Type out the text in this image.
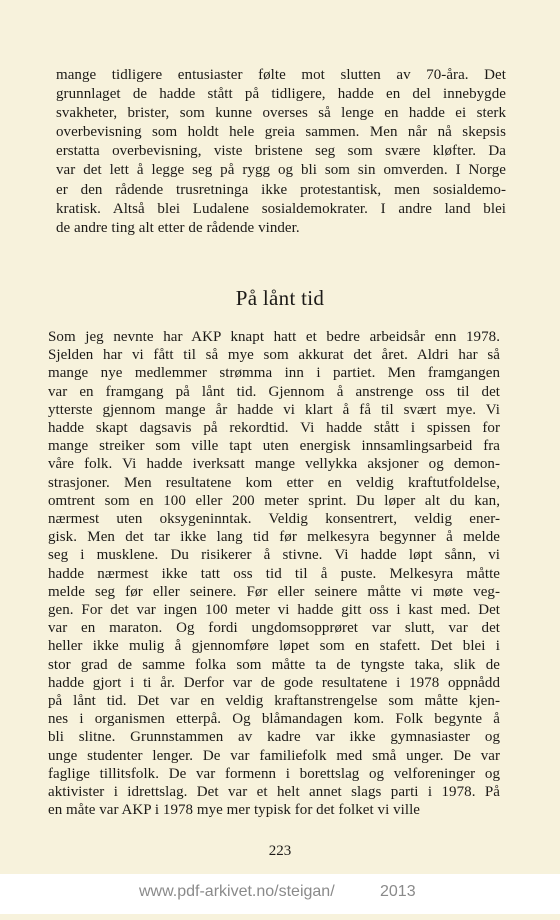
mange tidligere entusiaster følte mot slutten av 70-åra. Det
grunnlaget de hadde stått på tidligere, hadde en del innebygde
svakheter, brister, som kunne overses så lenge en hadde ei sterk
overbevisning som holdt hele greia sammen. Men når nå skepsis
erstatta overbevisning, viste bristene seg som svære kløfter. Da
var det lett å legge seg på rygg og bli som sin omverden. I Norge
er den rådende trusretninga ikke protestantisk, men sosialdemo-
kratisk. Altså blei Ludalene sosialdemokrater. I andre land blei
de andre ting alt etter de rådende vinder.
På lånt tid
Som jeg nevnte har AKP knapt hatt et bedre arbeidsår enn 1978.
Sjelden har vi fått til så mye som akkurat det året. Aldri har så
mange nye medlemmer strømma inn i partiet. Men framgangen
var en framgang på lånt tid. Gjennom å anstrenge oss til det
ytterste gjennom mange år hadde vi klart å få til svært mye. Vi
hadde skapt dagsavis på rekordtid. Vi hadde stått i spissen for
mange streiker som ville tapt uten energisk innsamlingsarbeid fra
våre folk. Vi hadde iverksatt mange vellykka aksjoner og demon-
strasjoner. Men resultatene kom etter en veldig kraftutfoldelse,
omtrent som en 100 eller 200 meter sprint. Du løper alt du kan,
nærmest uten oksygeninntak. Veldig konsentrert, veldig ener-
gisk. Men det tar ikke lang tid før melkesyra begynner å melde
seg i musklene. Du risikerer å stivne. Vi hadde løpt sånn, vi
hadde nærmest ikke tatt oss tid til å puste. Melkesyra måtte
melde seg før eller seinere. Før eller seinere måtte vi møte veg-
gen. For det var ingen 100 meter vi hadde gitt oss i kast med. Det
var en maraton. Og fordi ungdomsopprøret var slutt, var det
heller ikke mulig å gjennomføre løpet som en stafett. Det blei i
stor grad de samme folka som måtte ta de tyngste taka, slik de
hadde gjort i ti år. Derfor var de gode resultatene i 1978 oppnådd
på lånt tid. Det var en veldig kraftanstrengelse som måtte kjen-
nes i organismen etterpå. Og blåmandagen kom. Folk begynte å
bli slitne. Grunnstammen av kadre var ikke gymnasiaster og
unge studenter lenger. De var familiefolk med små unger. De var
faglige tillitsfolk. De var formenn i borettslag og velforeninger og
aktivister i idrettslag. Det var et helt annet slags parti i 1978. På
en måte var AKP i 1978 mye mer typisk for det folket vi ville
223
www.pdf-arkivet.no/steigan/	2013
